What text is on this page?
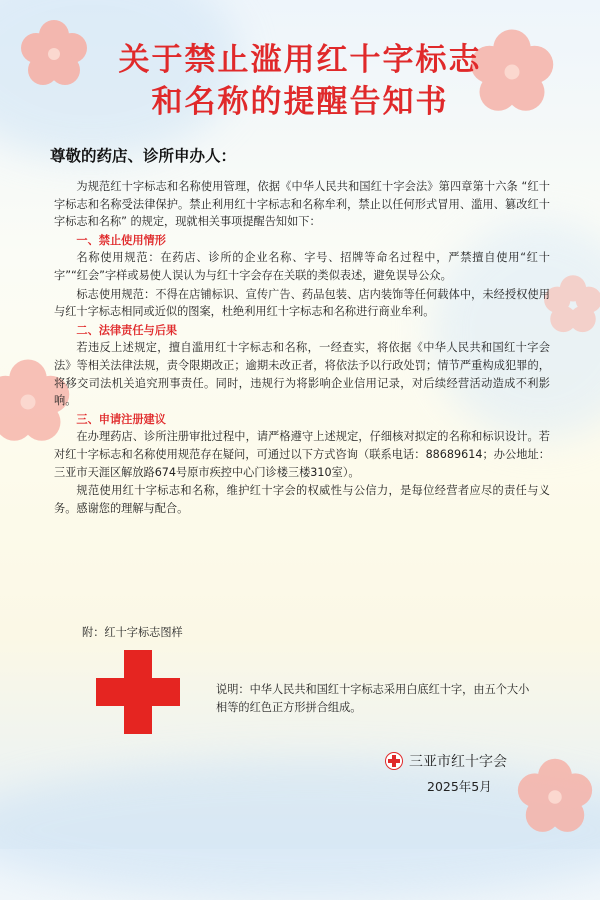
关于禁止滥用红十字标志
和名称的提醒告知书
尊敬的药店、诊所申办人：

为规范红十字标志和名称使用管理，依据《中华人民共和国红十字会法》第四章第十六条 “红十字标志和名称受法律保护。禁止利用红十字标志和名称牟利，禁止以任何形式冒用、滥用、篡改红十字标志和名称” 的规定，现就相关事项提醒告知如下：

一、禁止使用情形

名称使用规范：在药店、诊所的企业名称、字号、招牌等命名过程中，严禁擅自使用“红十字”“红会”字样或易使人误认为与红十字会存在关联的类似表述，避免误导公众。

标志使用规范：不得在店铺标识、宣传广告、药品包装、店内装饰等任何载体中，未经授权使用与红十字标志相同或近似的图案，杜绝利用红十字标志和名称进行商业牟利。

二、法律责任与后果

若违反上述规定，擅自滥用红十字标志和名称，一经查实，将依据《中华人民共和国红十字会法》等相关法律法规，责令限期改正；逾期未改正者，将依法予以行政处罚；情节严重构成犯罪的，将移交司法机关追究刑事责任。同时，违规行为将影响企业信用记录，对后续经营活动造成不利影响。

三、申请注册建议

在办理药店、诊所注册审批过程中，请严格遵守上述规定，仔细核对拟定的名称和标识设计。若对红十字标志和名称使用规范存在疑问，可通过以下方式咨询（联系电话：88689614；办公地址：三亚市天涯区解放路674号原市疾控中心门诊楼三楼310室）。

规范使用红十字标志和名称，维护红十字会的权威性与公信力，是每位经营者应尽的责任与义务。感谢您的理解与配合。

附：红十字标志图样
说明：中华人民共和国红十字标志采用白底红十字，由五个大小相等的红色正方形拼合组成。
三亚市红十字会
2025年5月
